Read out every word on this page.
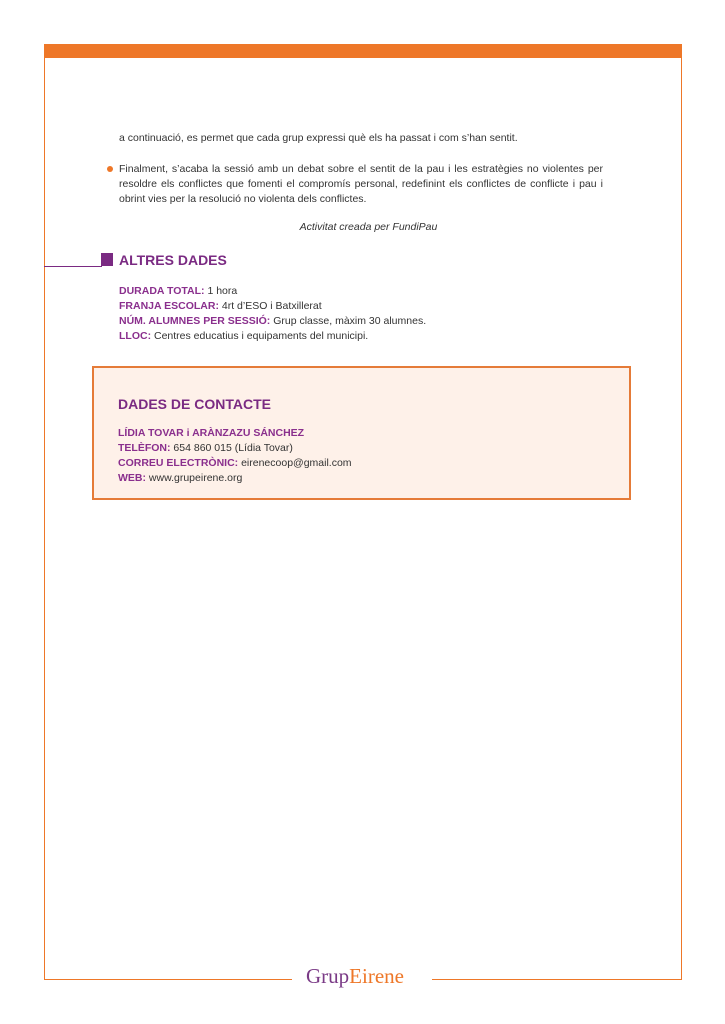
a continuació, es permet que cada grup expressi què els ha passat i com s’han sentit.
Finalment, s’acaba la sessió amb un debat sobre el sentit de la pau i les estratègies no violentes per resoldre els conflictes que fomenti el compromís personal, redefinint els conflictes de conflicte i pau i obrint vies per la resolució no violenta dels conflictes.
Activitat creada per FundiPau
ALTRES DADES
DURADA TOTAL: 1 hora
FRANJA ESCOLAR: 4rt d’ESO i Batxillerat
NÚM. ALUMNES PER SESSIÓ: Grup classe, màxim 30 alumnes.
LLOC: Centres educatius i equipaments del municipi.
DADES DE CONTACTE
LÍDIA TOVAR i ARÀNZAZU SÁNCHEZ
TELÈFON: 654 860 015 (Lídia Tovar)
CORREU ELECTRÒNIC: eirenecoop@gmail.com
WEB: www.grupeirene.org
GrupEirene
